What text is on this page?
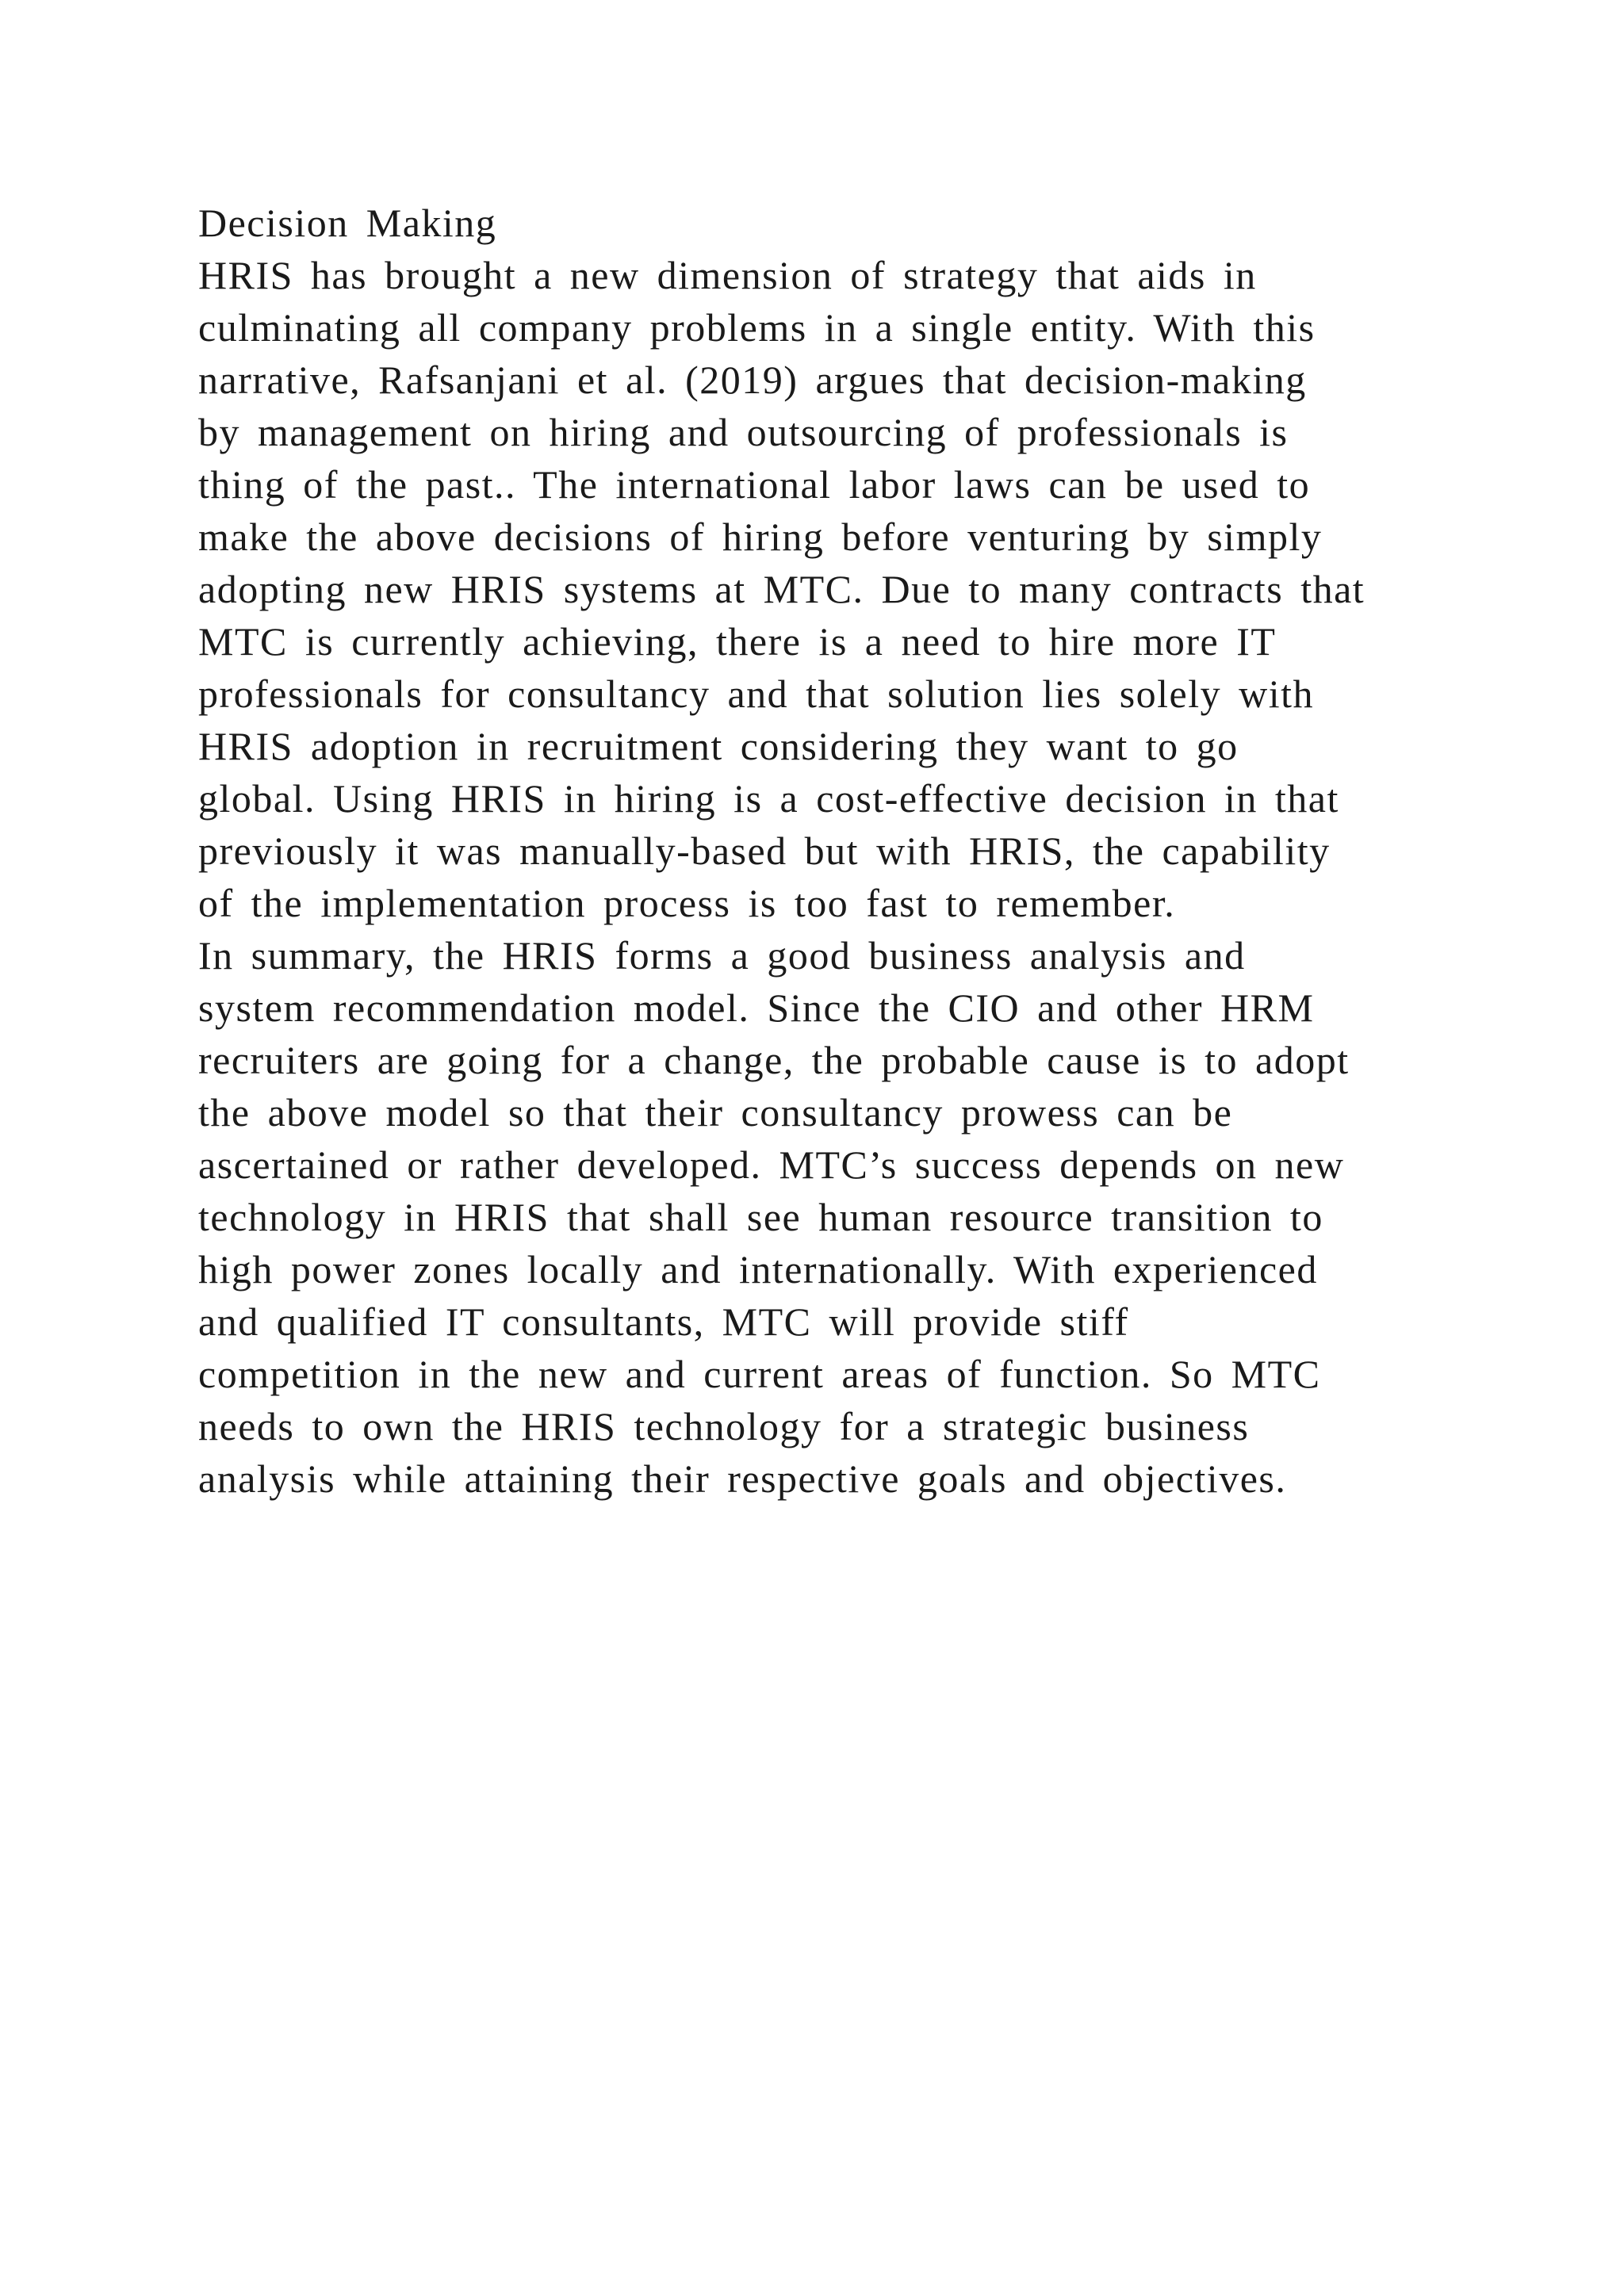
Decision Making
HRIS has brought a new dimension of strategy that aids in
culminating all company problems in a single entity. With this
narrative, Rafsanjani et al. (2019) argues that decision-making
by management on hiring and outsourcing of professionals is
thing of the past.. The international labor laws can be used to
make the above decisions of hiring before venturing by simply
adopting new HRIS systems at MTC. Due to many contracts that
MTC is currently achieving, there is a need to hire more IT
professionals for consultancy and that solution lies solely with
HRIS adoption in recruitment considering they want to go
global. Using HRIS in hiring is a cost-effective decision in that
previously it was manually-based but with HRIS, the capability
of the implementation process is too fast to remember.
In summary, the HRIS forms a good business analysis and
system recommendation model. Since the CIO and other HRM
recruiters are going for a change, the probable cause is to adopt
the above model so that their consultancy prowess can be
ascertained or rather developed. MTC’s success depends on new
technology in HRIS that shall see human resource transition to
high power zones locally and internationally. With experienced
and qualified IT consultants, MTC will provide stiff
competition in the new and current areas of function. So MTC
needs to own the HRIS technology for a strategic business
analysis while attaining their respective goals and objectives.
